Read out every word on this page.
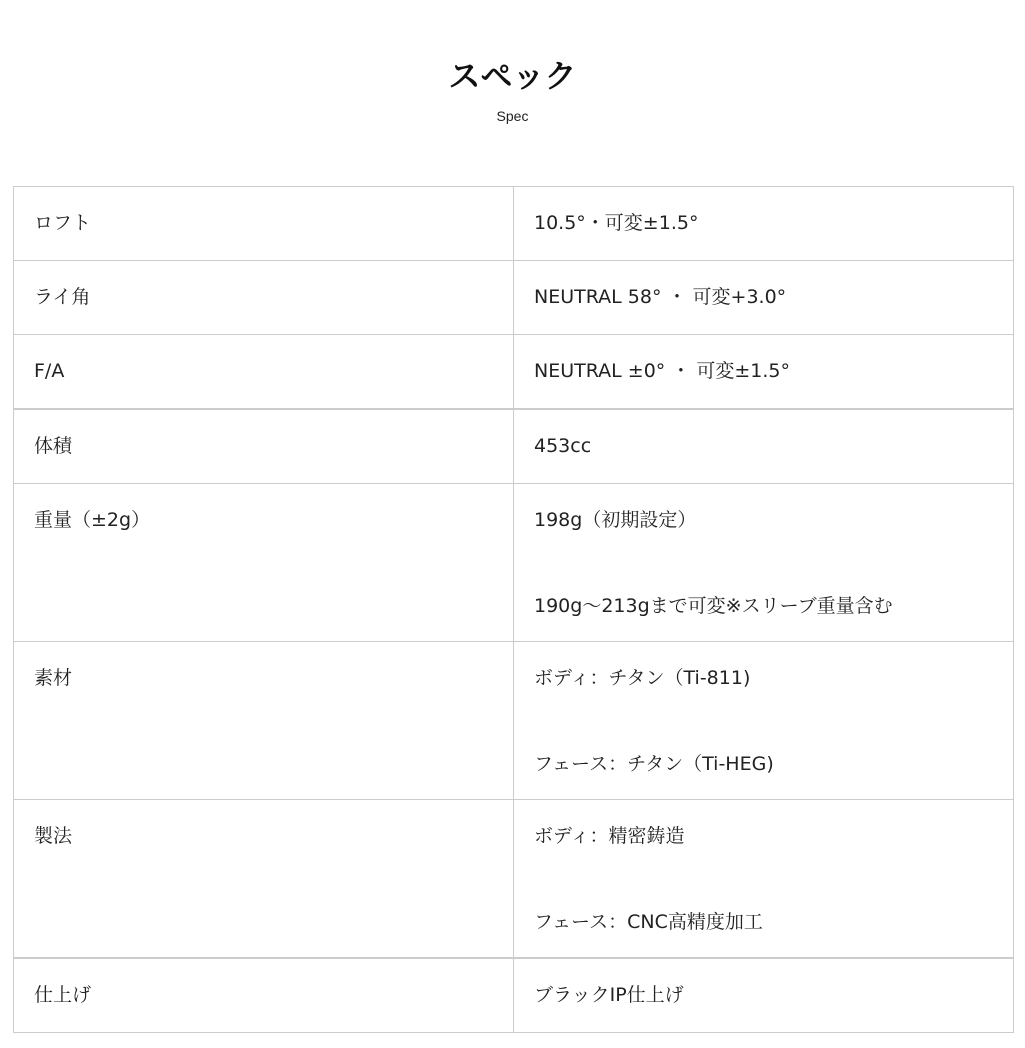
スペック
Spec
ロフト	10.5°・可変±1.5°

ライ角	NEUTRAL 58° ・ 可変+3.0°

F/A	NEUTRAL ±0° ・ 可変±1.5°

体積	453cc

重量（±2g）	198g（初期設定）
190g〜213gまで可変※スリーブ重量含む

素材	ボディ：チタン（Ti-811)
フェース：チタン（Ti-HEG)

製法	ボディ：精密鋳造
フェース：CNC高精度加工

仕上げ	ブラックIP仕上げ
